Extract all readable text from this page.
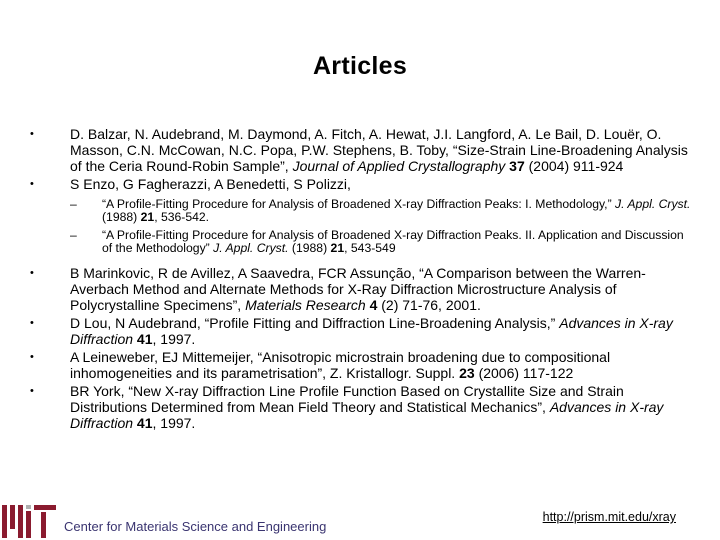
Articles
•	D. Balzar, N. Audebrand, M. Daymond, A. Fitch, A. Hewat, J.I. Langford, A. Le Bail, D. Louër, O. Masson, C.N. McCowan, N.C. Popa, P.W. Stephens, B. Toby, “Size-Strain Line-Broadening Analysis of the Ceria Round-Robin Sample”, Journal of Applied Crystallography 37 (2004) 911-924
•	S Enzo, G Fagherazzi, A Benedetti, S Polizzi,
– “A Profile-Fitting Procedure for Analysis of Broadened X-ray Diffraction Peaks: I. Methodology,” J. Appl. Cryst. (1988) 21, 536-542.
– “A Profile-Fitting Procedure for Analysis of Broadened X-ray Diffraction Peaks. II. Application and Discussion of the Methodology” J. Appl. Cryst. (1988) 21, 543-549
•	B Marinkovic, R de Avillez, A Saavedra, FCR Assunção, “A Comparison between the Warren-Averbach Method and Alternate Methods for X-Ray Diffraction Microstructure Analysis of Polycrystalline Specimens”, Materials Research 4 (2) 71-76, 2001.
•	D Lou, N Audebrand, “Profile Fitting and Diffraction Line-Broadening Analysis,” Advances in X-ray Diffraction 41, 1997.
•	A Leineweber, EJ Mittemeijer, “Anisotropic microstrain broadening due to compositional inhomogeneities and its parametrisation”, Z. Kristallogr. Suppl. 23 (2006) 117-122
•	BR York, “New X-ray Diffraction Line Profile Function Based on Crystallite Size and Strain Distributions Determined from Mean Field Theory and Statistical Mechanics”, Advances in X-ray Diffraction 41, 1997.
Center for Materials Science and Engineering
http://prism.mit.edu/xray
